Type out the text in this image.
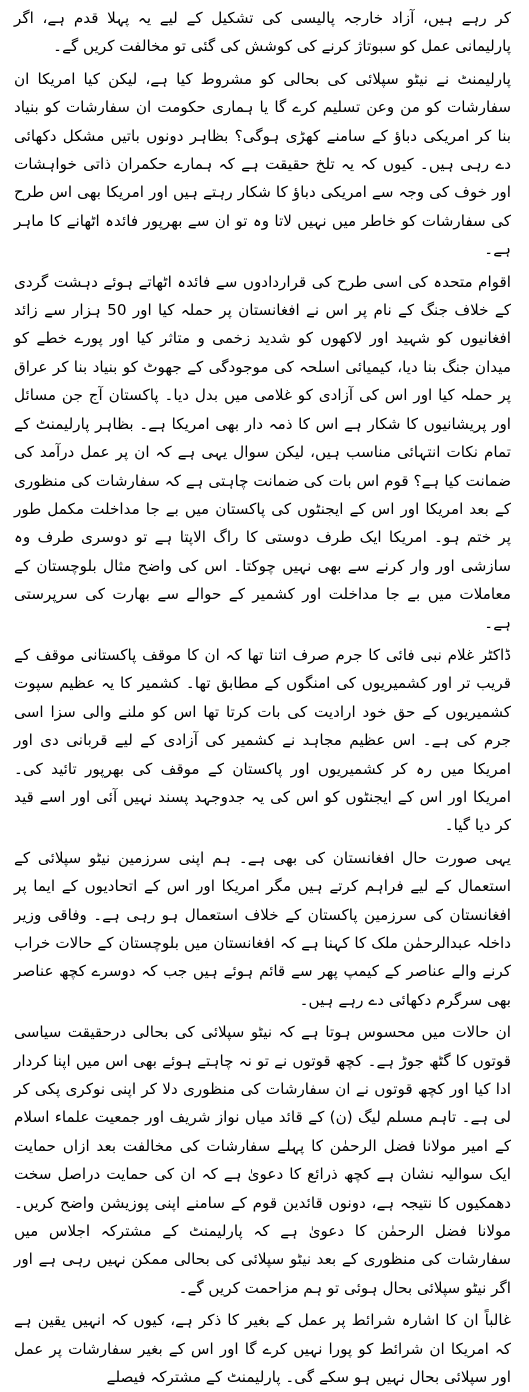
کر رہے ہیں، آزاد خارجہ پالیسی کی تشکیل کے لیے یہ پہلا قدم ہے، اگر پارلیمانی عمل کو سبوتاژ کرنے کی کوشش کی گئی تو مخالفت کریں گے۔

پارلیمنٹ نے نیٹو سپلائی کی بحالی کو مشروط کیا ہے، لیکن کیا امریکا ان سفارشات کو من وعن تسلیم کرے گا یا ہماری حکومت ان سفارشات کو بنیاد بنا کر امریکی دباؤ کے سامنے کھڑی ہوگی؟ بظاہر دونوں باتیں مشکل دکھائی دے رہی ہیں۔ کیوں کہ یہ تلخ حقیقت ہے کہ ہمارے حکمران ذاتی خواہشات اور خوف کی وجہ سے امریکی دباؤ کا شکار رہتے ہیں اور امریکا بھی اس طرح کی سفارشات کو خاطر میں نہیں لاتا وہ تو ان سے بھرپور فائدہ اٹھانے کا ماہر ہے۔

اقوام متحدہ کی اسی طرح کی قراردادوں سے فائدہ اٹھاتے ہوئے دہشت گردی کے خلاف جنگ کے نام پر اس نے افغانستان پر حملہ کیا اور 50 ہزار سے زائد افغانیوں کو شہید اور لاکھوں کو شدید زخمی و متاثر کیا اور پورے خطے کو میدان جنگ بنا دیا، کیمیائی اسلحہ کی موجودگی کے جھوٹ کو بنیاد بنا کر عراق پر حملہ کیا اور اس کی آزادی کو غلامی میں بدل دیا۔ پاکستان آج جن مسائل اور پریشانیوں کا شکار ہے اس کا ذمہ دار بھی امریکا ہے۔ بظاہر پارلیمنٹ کے تمام نکات انتہائی مناسب ہیں، لیکن سوال یہی ہے کہ ان پر عمل درآمد کی ضمانت کیا ہے؟ قوم اس بات کی ضمانت چاہتی ہے کہ سفارشات کی منظوری کے بعد امریکا اور اس کے ایجنٹوں کی پاکستان میں بے جا مداخلت مکمل طور پر ختم ہو۔ امریکا ایک طرف دوستی کا راگ الاپتا ہے تو دوسری طرف وہ سازشی اور وار کرنے سے بھی نہیں چوکتا۔ اس کی واضح مثال بلوچستان کے معاملات میں بے جا مداخلت اور کشمیر کے حوالے سے بھارت کی سرپرستی ہے۔

ڈاکٹر غلام نبی فائی کا جرم صرف اتنا تھا کہ ان کا موقف پاکستانی موقف کے قریب تر اور کشمیریوں کی امنگوں کے مطابق تھا۔ کشمیر کا یہ عظیم سپوت کشمیریوں کے حق خود ارادیت کی بات کرتا تھا اس کو ملنے والی سزا اسی جرم کی ہے۔ اس عظیم مجاہد نے کشمیر کی آزادی کے لیے قربانی دی اور امریکا میں رہ کر کشمیریوں اور پاکستان کے موقف کی بھرپور تائید کی۔ امریکا اور اس کے ایجنٹوں کو اس کی یہ جدوجہد پسند نہیں آئی اور اسے قید کر دیا گیا۔

یہی صورت حال افغانستان کی بھی ہے۔ ہم اپنی سرزمین نیٹو سپلائی کے استعمال کے لیے فراہم کرتے ہیں مگر امریکا اور اس کے اتحادیوں کے ایما پر افغانستان کی سرزمین پاکستان کے خلاف استعمال ہو رہی ہے۔ وفاقی وزیر داخلہ عبدالرحمٰن ملک کا کہنا ہے کہ افغانستان میں بلوچستان کے حالات خراب کرنے والے عناصر کے کیمپ پھر سے قائم ہوئے ہیں جب کہ دوسرے کچھ عناصر بھی سرگرم دکھائی دے رہے ہیں۔

ان حالات میں محسوس ہوتا ہے کہ نیٹو سپلائی کی بحالی درحقیقت سیاسی قوتوں کا گٹھ جوڑ ہے۔ کچھ قوتوں نے تو نہ چاہتے ہوئے بھی اس میں اپنا کردار ادا کیا اور کچھ قوتوں نے ان سفارشات کی منظوری دلا کر اپنی نوکری پکی کر لی ہے۔ تاہم مسلم لیگ (ن) کے قائد میاں نواز شریف اور جمعیت علماء اسلام کے امیر مولانا فضل الرحمٰن کا پہلے سفارشات کی مخالفت بعد ازاں حمایت ایک سوالیہ نشان ہے کچھ ذرائع کا دعویٰ ہے کہ ان کی حمایت دراصل سخت دھمکیوں کا نتیجہ ہے، دونوں قائدین قوم کے سامنے اپنی پوزیشن واضح کریں۔ مولانا فضل الرحمٰن کا دعویٰ ہے کہ پارلیمنٹ کے مشترکہ اجلاس میں سفارشات کی منظوری کے بعد نیٹو سپلائی کی بحالی ممکن نہیں رہی ہے اور اگر نیٹو سپلائی بحال ہوئی تو ہم مزاحمت کریں گے۔

غالباً ان کا اشارہ شرائط پر عمل کے بغیر کا ذکر ہے، کیوں کہ انہیں یقین ہے کہ امریکا ان شرائط کو پورا نہیں کرے گا اور اس کے بغیر سفارشات پر عمل اور سپلائی بحال نہیں ہو سکے گی۔ پارلیمنٹ کے مشترکہ فیصلے
